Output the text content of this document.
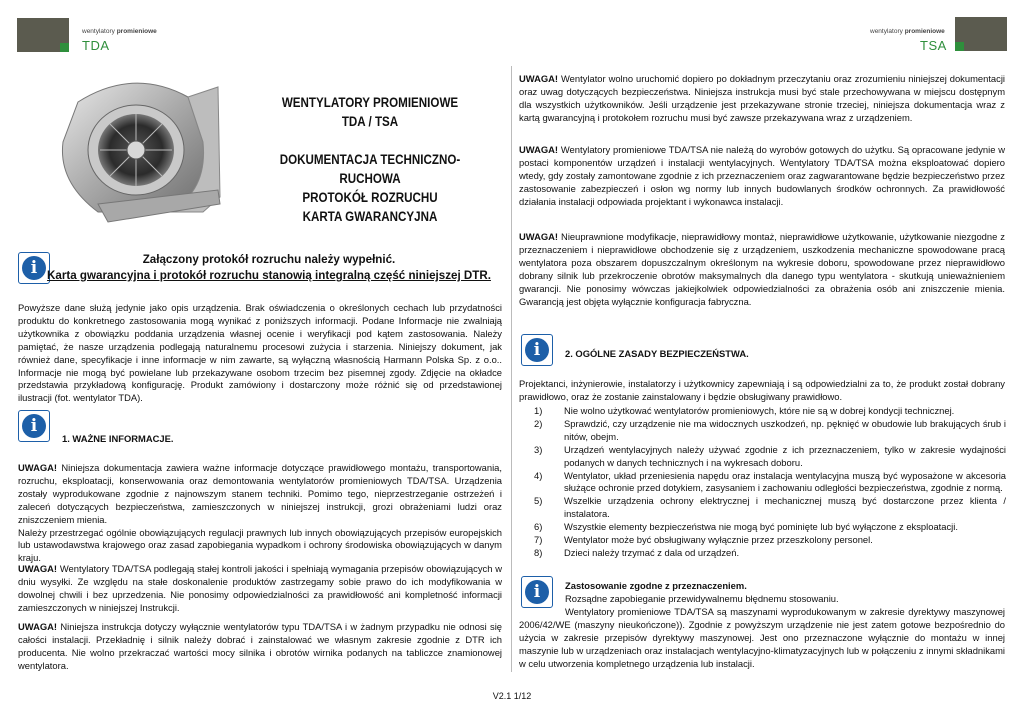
wentylatory promieniowe
TDA
wentylatory promieniowe
TSA
WENTYLATORY PROMIENIOWE
TDA / TSA
DOKUMENTACJA TECHNICZNO-RUCHOWA
PROTOKÓŁ ROZRUCHU
KARTA GWARANCYJNA
i	Załączony protokół rozruchu należy wypełnić.
Karta gwarancyjna i protokół rozruchu stanowią integralną część niniejszej DTR.
Powyższe dane służą jedynie jako opis urządzenia. Brak oświadczenia o określonych cechach lub przydatności produktu do konkretnego zastosowania mogą wynikać z poniższych informacji. Podane Informacje nie zwalniają użytkownika z obowiązku poddania urządzenia własnej ocenie i weryfikacji pod kątem zastosowania. Należy pamiętać, że nasze urządzenia podlegają naturalnemu procesowi zużycia i starzenia. Niniejszy dokument, jak również dane, specyfikacje i inne informacje w nim zawarte, są wyłączną własnością Harmann Polska Sp. z o.o.. Informacje nie mogą być powielane lub przekazywane osobom trzecim bez pisemnej zgody. Zdjęcie na okładce przedstawia przykładową konfigurację. Produkt zamówiony i dostarczony może różnić się od przedstawionej ilustracji (fot. wentylator TDA).
i
1. WAŻNE INFORMACJE.
UWAGA! Niniejsza dokumentacja zawiera ważne informacje dotyczące prawidłowego montażu, transportowania, rozruchu, eksploatacji, konserwowania oraz demontowania wentylatorów promieniowych TDA/TSA. Urządzenia zostały wyprodukowane zgodnie z najnowszym stanem techniki. Pomimo tego, nieprzestrzeganie ostrzeżeń i zaleceń dotyczących bezpieczeństwa, zamieszczonych w niniejszej instrukcji, grozi obrażeniami ludzi oraz zniszczeniem mienia.
Należy przestrzegać ogólnie obowiązujących regulacji prawnych lub innych obowiązujących przepisów europejskich lub ustawodawstwa krajowego oraz zasad zapobiegania wypadkom i ochrony środowiska obowiązujących w danym kraju.
UWAGA! Wentylatory TDA/TSA podlegają stałej kontroli jakości i spełniają wymagania przepisów obowiązujących w dniu wysyłki. Ze względu na stałe doskonalenie produktów zastrzegamy sobie prawo do ich modyfikowania w dowolnej chwili i bez uprzedzenia. Nie ponosimy odpowiedzialności za prawidłowość ani kompletność informacji zamieszczonych w niniejszej Instrukcji.
UWAGA! Niniejsza instrukcja dotyczy wyłącznie wentylatorów typu TDA/TSA i w żadnym przypadku nie odnosi się całości instalacji. Przekładnię i silnik należy dobrać i zainstalować we własnym zakresie zgodnie z DTR ich producenta. Nie wolno przekraczać wartości mocy silnika i obrotów wirnika podanych na tabliczce znamionowej wentylatora.
UWAGA! Wentylator wolno uruchomić dopiero po dokładnym przeczytaniu oraz zrozumieniu niniejszej dokumentacji oraz uwag dotyczących bezpieczeństwa. Niniejsza instrukcja musi być stale przechowywana w miejscu dostępnym dla wszystkich użytkowników. Jeśli urządzenie jest przekazywane stronie trzeciej, niniejsza dokumentacja wraz z kartą gwarancyjną i protokołem rozruchu musi być zawsze przekazywana wraz z urządzeniem.
UWAGA! Wentylatory promieniowe TDA/TSA nie należą do wyrobów gotowych do użytku. Są opracowane jedynie w postaci komponentów urządzeń i instalacji wentylacyjnych. Wentylatory TDA/TSA można eksploatować dopiero wtedy, gdy zostały zamontowane zgodnie z ich przeznaczeniem oraz zagwarantowane będzie bezpieczeństwo przez zastosowanie zabezpieczeń i osłon wg normy lub innych budowlanych środków ochronnych. Za prawidłowość działania instalacji odpowiada projektant i wykonawca instalacji.
UWAGA! Nieuprawnione modyfikacje, nieprawidłowy montaż, nieprawidłowe użytkowanie, użytkowanie niezgodne z przeznaczeniem i nieprawidłowe obchodzenie się z urządzeniem, uszkodzenia mechaniczne spowodowane pracą wentylatora poza obszarem dopuszczalnym określonym na wykresie doboru, spowodowane przez nieprawidłowo dobrany silnik lub przekroczenie obrotów maksymalnych dla danego typu wentylatora - skutkują unieważnieniem gwarancji. Nie ponosimy wówczas jakiejkolwiek odpowiedzialności za obrażenia osób ani zniszczenie mienia. Gwarancją jest objęta wyłącznie konfiguracja fabryczna.
i	2. OGÓLNE ZASADY BEZPIECZEŃSTWA.
Projektanci, inżynierowie, instalatorzy i użytkownicy zapewniają i są odpowiedzialni za to, że produkt został dobrany prawidłowo, oraz że zostanie zainstalowany i będzie obsługiwany prawidłowo.
1)	Nie wolno użytkować wentylatorów promieniowych, które nie są w dobrej kondycji technicznej.
2)	Sprawdzić, czy urządzenie nie ma widocznych uszkodzeń, np. pęknięć w obudowie lub brakujących śrub i nitów, obejm.
3)	Urządzeń wentylacyjnych należy używać zgodnie z ich przeznaczeniem, tylko w zakresie wydajności podanych w danych technicznych i na wykresach doboru.
4)	Wentylator, układ przeniesienia napędu oraz instalacja wentylacyjna muszą być wyposażone w akcesoria służące ochronie przed dotykiem, zasysaniem i zachowaniu odległości bezpieczeństwa, zgodnie z normą.
5)	Wszelkie urządzenia ochrony elektrycznej i mechanicznej muszą być dostarczone przez klienta / instalatora.
6)	Wszystkie elementy bezpieczeństwa nie mogą być pominięte lub być wyłączone z eksploatacji.
7)	Wentylator może być obsługiwany wyłącznie przez przeszkolony personel.
8)	Dzieci należy trzymać z dala od urządzeń.
i	Zastosowanie zgodne z przeznaczeniem.
Rozsądne zapobieganie przewidywalnemu błędnemu stosowaniu.
Wentylatory promieniowe TDA/TSA są maszynami wyprodukowanym w zakresie dyrektywy maszynowej 2006/42/WE (maszyny nieukończone)). Zgodnie z powyższym urządzenie nie jest zatem gotowe bezpośrednio do użycia w zakresie przepisów dyrektywy maszynowej. Jest ono przeznaczone wyłącznie do montażu w innej maszynie lub w urządzeniach oraz instalacjach wentylacyjno-klimatyzacyjnych lub w połączeniu z innymi składnikami w celu utworzenia kompletnego urządzenia lub instalacji.
V2.1 1/12
